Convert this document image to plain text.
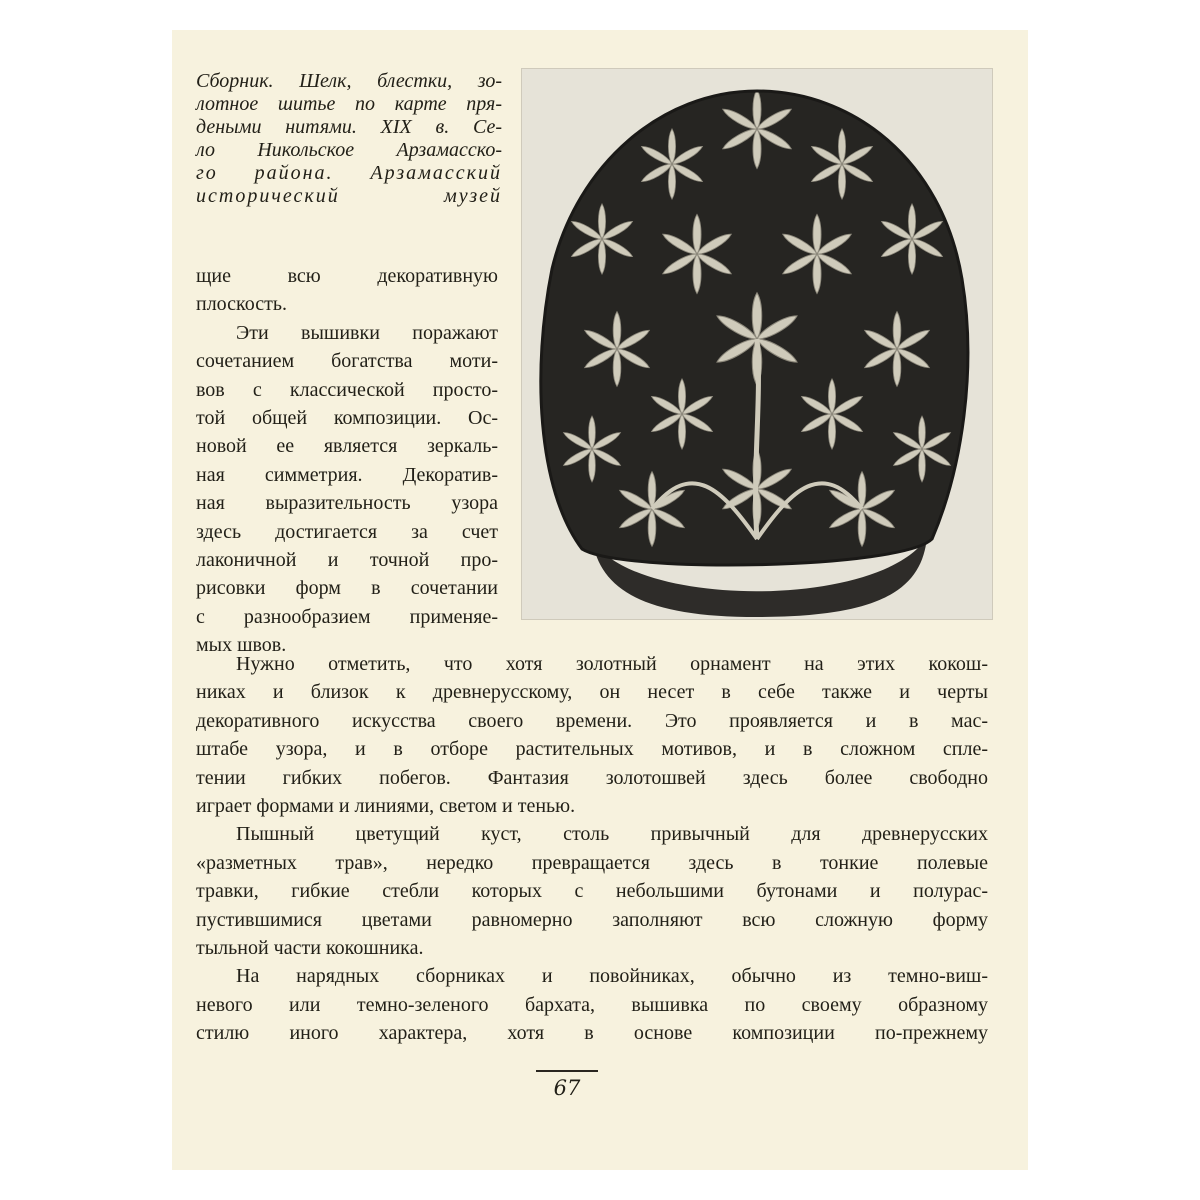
Сборник. Шелк, блестки, зо-
лотное шитье по карте пря-
деными нитями. XIX в. Се-
ло Никольское Арзамасско-
го района. Арзамасский
исторический музей
щие всю декоративную
плоскость.
Эти вышивки поражают
сочетанием богатства моти-
вов с классической просто-
той общей композиции. Ос-
новой ее является зеркаль-
ная симметрия. Декоратив-
ная выразительность узора
здесь достигается за счет
лаконичной и точной про-
рисовки форм в сочетании
с разнообразием применяе-
мых швов.
Нужно отметить, что хотя золотный орнамент на этих кокош-
никах и близок к древнерусскому, он несет в себе также и черты
декоративного искусства своего времени. Это проявляется и в мас-
штабе узора, и в отборе растительных мотивов, и в сложном спле-
тении гибких побегов. Фантазия золотошвей здесь более свободно
играет формами и линиями, светом и тенью.
Пышный цветущий куст, столь привычный для древнерусских
«разметных трав», нередко превращается здесь в тонкие полевые
травки, гибкие стебли которых с небольшими бутонами и полурас-
пустившимися цветами равномерно заполняют всю сложную форму
тыльной части кокошника.
На нарядных сборниках и повойниках, обычно из темно-виш-
невого или темно-зеленого бархата, вышивка по своему образному
стилю иного характера, хотя в основе композиции по-прежнему
67
